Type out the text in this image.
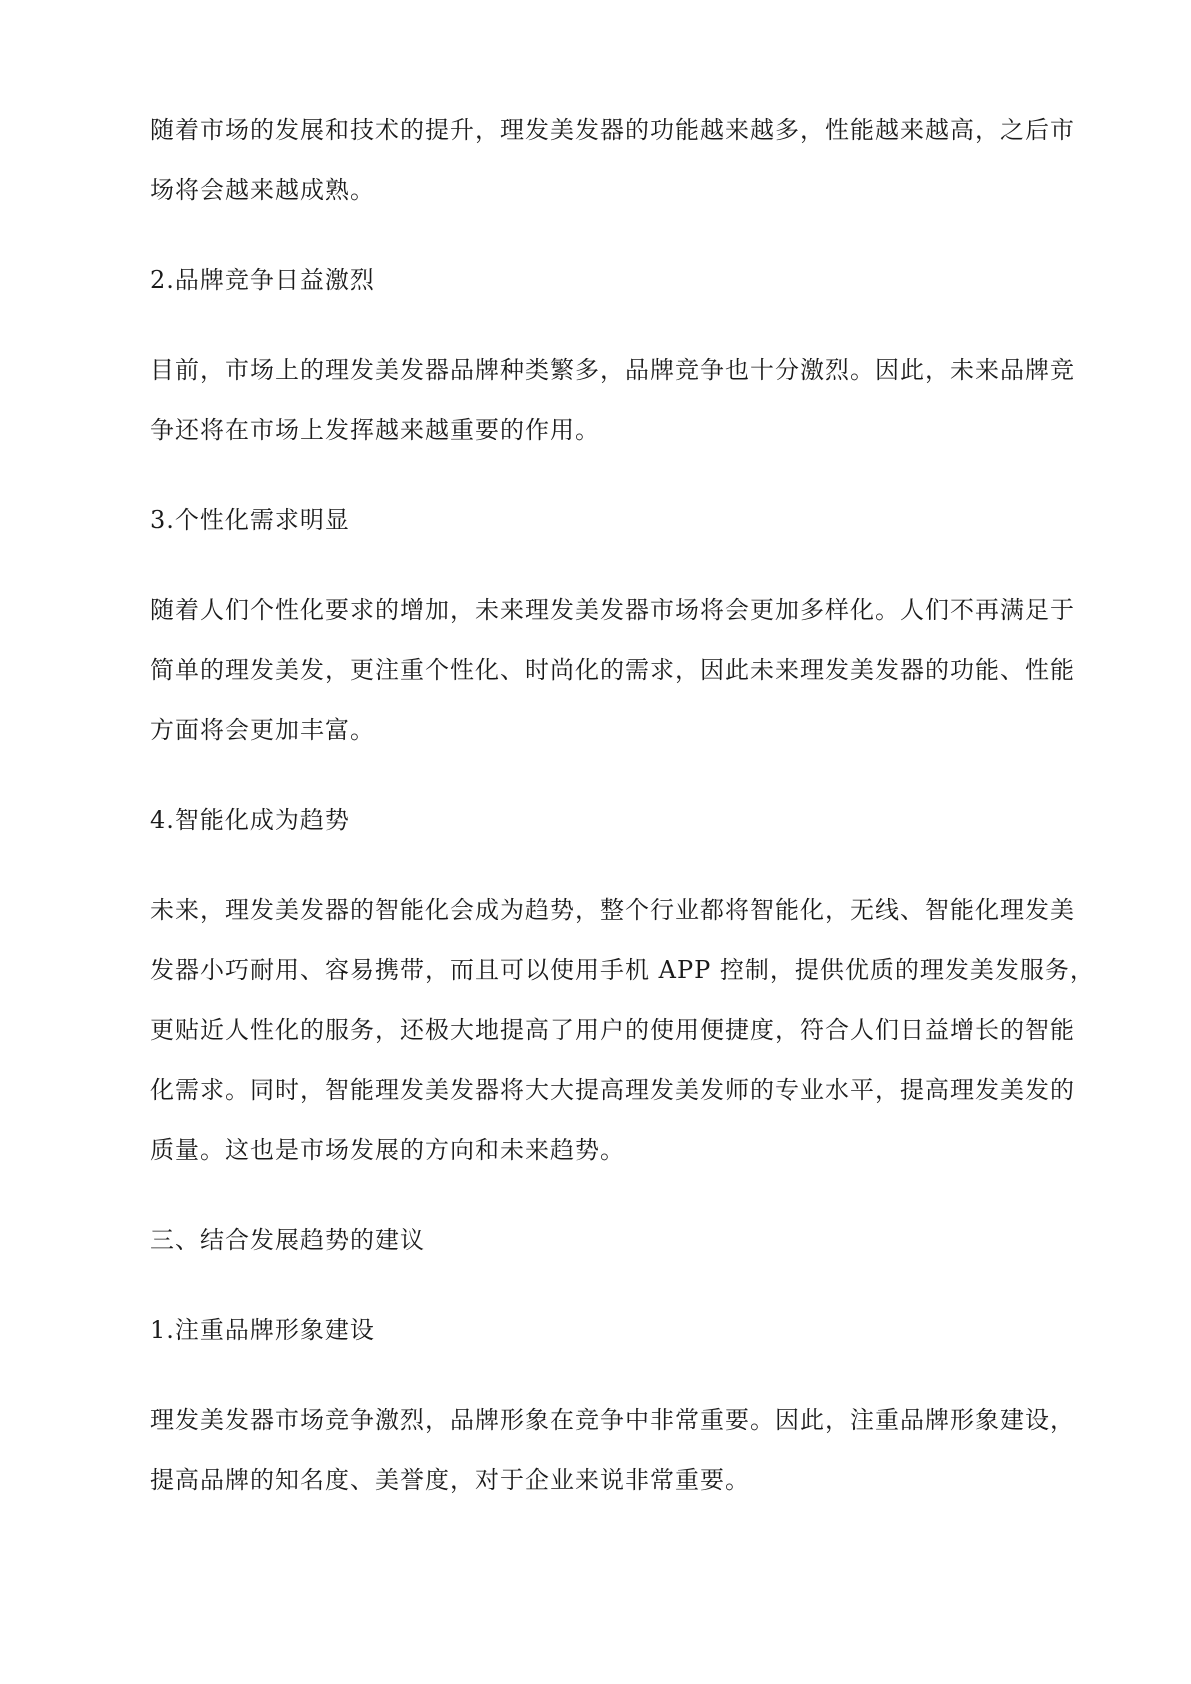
随着市场的发展和技术的提升，理发美发器的功能越来越多，性能越来越高，之后市
场将会越来越成熟。
2.品牌竞争日益激烈
目前，市场上的理发美发器品牌种类繁多，品牌竞争也十分激烈。因此，未来品牌竞
争还将在市场上发挥越来越重要的作用。
3.个性化需求明显
随着人们个性化要求的增加，未来理发美发器市场将会更加多样化。人们不再满足于
简单的理发美发，更注重个性化、时尚化的需求，因此未来理发美发器的功能、性能
方面将会更加丰富。
4.智能化成为趋势
未来，理发美发器的智能化会成为趋势，整个行业都将智能化，无线、智能化理发美
发器小巧耐用、容易携带，而且可以使用手机 APP 控制，提供优质的理发美发服务，
更贴近人性化的服务，还极大地提高了用户的使用便捷度，符合人们日益增长的智能
化需求。同时，智能理发美发器将大大提高理发美发师的专业水平，提高理发美发的
质量。这也是市场发展的方向和未来趋势。
三、结合发展趋势的建议
1.注重品牌形象建设
理发美发器市场竞争激烈，品牌形象在竞争中非常重要。因此，注重品牌形象建设，
提高品牌的知名度、美誉度，对于企业来说非常重要。
